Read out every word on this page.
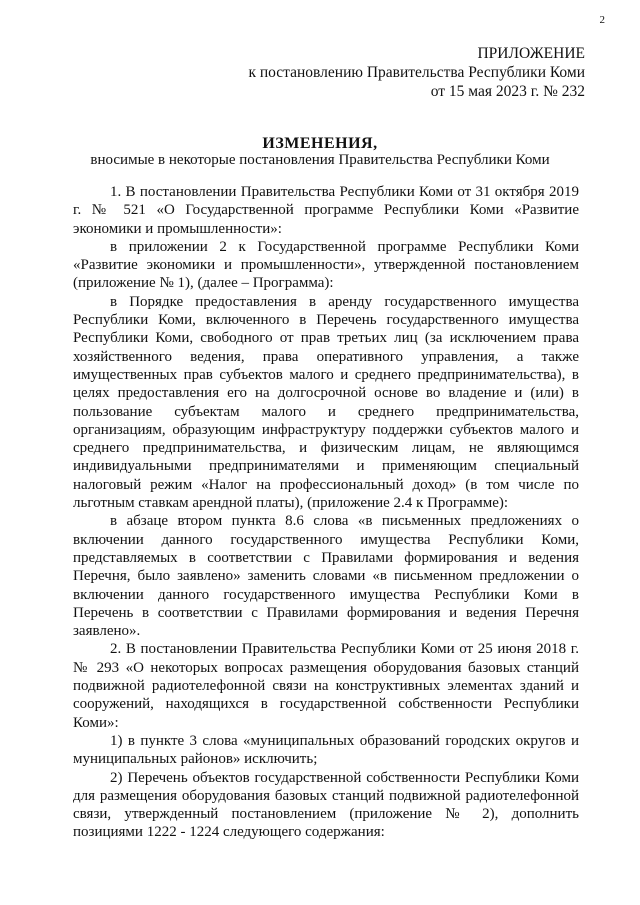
2
ПРИЛОЖЕНИЕ
к постановлению Правительства Республики Коми
от 15 мая 2023 г. № 232
ИЗМЕНЕНИЯ,
вносимые в некоторые постановления Правительства Республики Коми

1. В постановлении Правительства Республики Коми от 31 октября 2019 г. № 521 «О Государственной программе Республики Коми «Развитие экономики и промышленности»:

в приложении 2 к Государственной программе Республики Коми «Развитие экономики и промышленности», утвержденной постановлением (приложение № 1), (далее – Программа):

в Порядке предоставления в аренду государственного имущества Республики Коми, включенного в Перечень государственного имущества Республики Коми, свободного от прав третьих лиц (за исключением права хозяйственного ведения, права оперативного управления, а также имущественных прав субъектов малого и среднего предпринимательства), в целях предоставления его на долгосрочной основе во владение и (или) в пользование субъектам малого и среднего предпринимательства, организациям, образующим инфраструктуру поддержки субъектов малого и среднего предпринимательства, и физическим лицам, не являющимся индивидуальными предпринимателями и применяющим специальный налоговый режим «Налог на профессиональный доход» (в том числе по льготным ставкам арендной платы), (приложение 2.4 к Программе):

в абзаце втором пункта 8.6 слова «в письменных предложениях о включении данного государственного имущества Республики Коми, представляемых в соответствии с Правилами формирования и ведения Перечня, было заявлено» заменить словами «в письменном предложении о включении данного государственного имущества Республики Коми в Перечень в соответствии с Правилами формирования и ведения Перечня заявлено».

2. В постановлении Правительства Республики Коми от 25 июня 2018 г. № 293 «О некоторых вопросах размещения оборудования базовых станций подвижной радиотелефонной связи на конструктивных элементах зданий и сооружений, находящихся в государственной собственности Республики Коми»:

1) в пункте 3 слова «муниципальных образований городских округов и муниципальных районов» исключить;

2) Перечень объектов государственной собственности Республики Коми для размещения оборудования базовых станций подвижной радиотелефонной связи, утвержденный постановлением (приложение № 2), дополнить позициями 1222 - 1224 следующего содержания:
